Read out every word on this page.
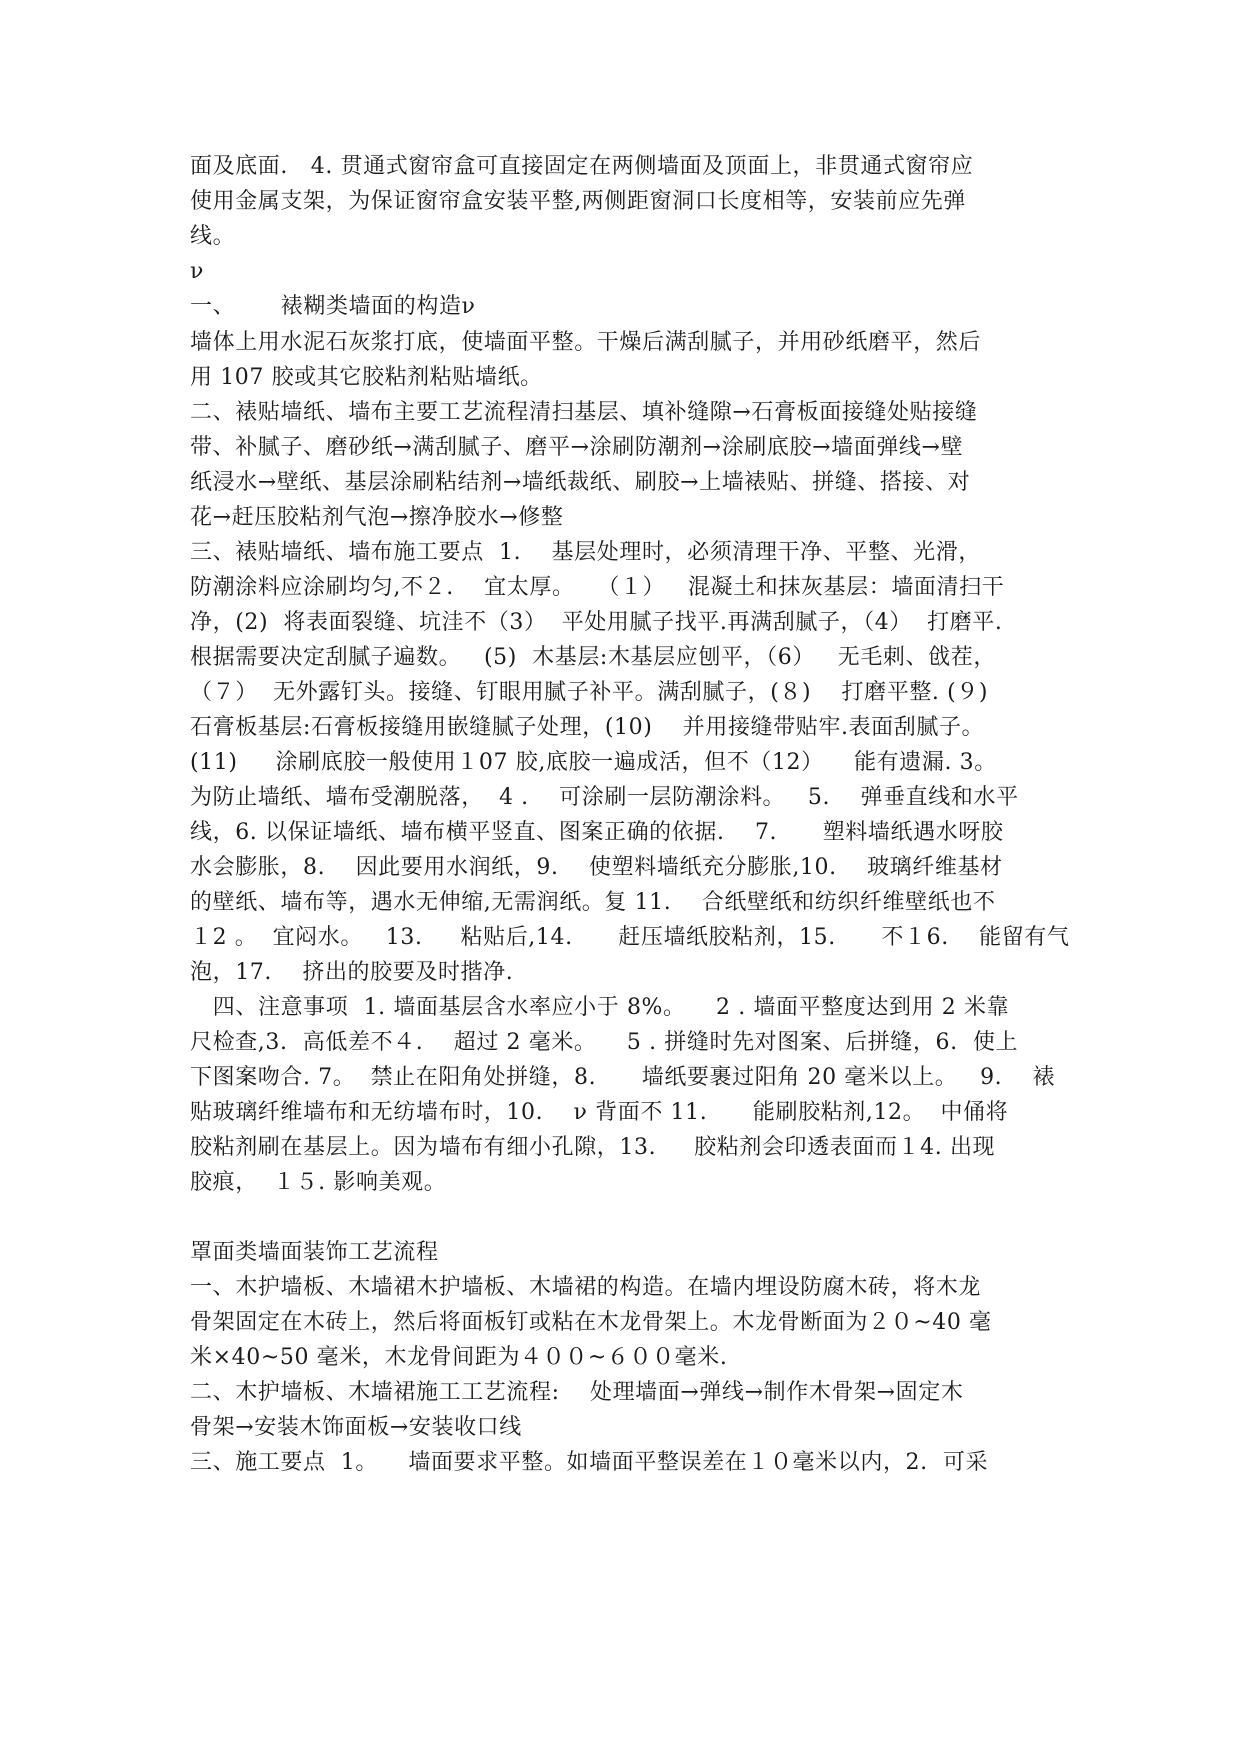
面及底面.   4. 贯通式窗帘盒可直接固定在两侧墙面及顶面上，非贯通式窗帘应
使用金属支架，为保证窗帘盒安装平整,两侧距窗洞口长度相等，安装前应先弹
线。
ν
一、      裱糊类墙面的构造ν
墙体上用水泥石灰浆打底，使墙面平整。干燥后满刮腻子，并用砂纸磨平，然后
用 107 胶或其它胶粘剂粘贴墙纸。
二、裱贴墙纸、墙布主要工艺流程清扫基层、填补缝隙→石膏板面接缝处贴接缝
带、补腻子、磨砂纸→满刮腻子、磨平→涂刷防潮剂→涂刷底胶→墙面弹线→壁
纸浸水→壁纸、基层涂刷粘结剂→墙纸裁纸、刷胶→上墙裱贴、拼缝、搭接、对
花→赶压胶粘剂气泡→擦净胶水→修整
三、裱贴墙纸、墙布施工要点  1.    基层处理时，必须清理干净、平整、光滑，
防潮涂料应涂刷均匀,不２.    宜太厚。   （１）   混凝土和抹灰基层：墙面清扫干
净，(2)  将表面裂缝、坑洼不（3）  平处用腻子找平.再满刮腻子，（4）  打磨平.
根据需要决定刮腻子遍数。   (5)  木基层:木基层应刨平，（6）   无毛刺、戗茬，
（７）  无外露钉头。接缝、钉眼用腻子补平。满刮腻子，(８)    打磨平整. (９)
石膏板基层:石膏板接缝用嵌缝腻子处理，(10)    并用接缝带贴牢.表面刮腻子。
(11)     涂刷底胶一般使用１07 胶,底胶一遍成活，但不（12）    能有遗漏. 3。
为防止墙纸、墙布受潮脱落，  4 .    可涂刷一层防潮涂料。   5.    弹垂直线和水平
线，6. 以保证墙纸、墙布横平竖直、图案正确的依据.    7.      塑料墙纸遇水呀胶
水会膨胀，8.    因此要用水润纸，9.    使塑料墙纸充分膨胀,10.    玻璃纤维基材
的壁纸、墙布等，遇水无伸缩,无需润纸。复 11.    合纸壁纸和纺织纤维壁纸也不
１2 。  宜闷水。   13.     粘贴后,14.      赶压墙纸胶粘剂，15.      不１6.    能留有气
泡，17.    挤出的胶要及时揩净.
四、注意事项  1. 墙面基层含水率应小于 8%。    2 . 墙面平整度达到用 2 米靠
尺检查,3.  高低差不４.    超过 2 毫米。    5 . 拼缝时先对图案、后拼缝，6.  使上
下图案吻合. 7。  禁止在阳角处拼缝，8.      墙纸要裹过阳角 20 毫米以上。   9.    裱
贴玻璃纤维墙布和无纺墙布时，10.    ν 背面不 11.      能刷胶粘剂,12。  中俑将
胶粘剂刷在基层上。因为墙布有细小孔隙，13.     胶粘剂会印透表面而１4. 出现
胶痕，  １５. 影响美观。
罩面类墙面装饰工艺流程
一、木护墙板、木墙裙木护墙板、木墙裙的构造。在墙内埋设防腐木砖，将木龙
骨架固定在木砖上，然后将面板钉或粘在木龙骨架上。木龙骨断面为２０~40 毫
米×40~50 毫米，木龙骨间距为４００~６００毫米.
二、木护墙板、木墙裙施工工艺流程:    处理墙面→弹线→制作木骨架→固定木
骨架→安装木饰面板→安装收口线
三、施工要点  1。    墙面要求平整。如墙面平整误差在１０毫米以内，2.  可采
